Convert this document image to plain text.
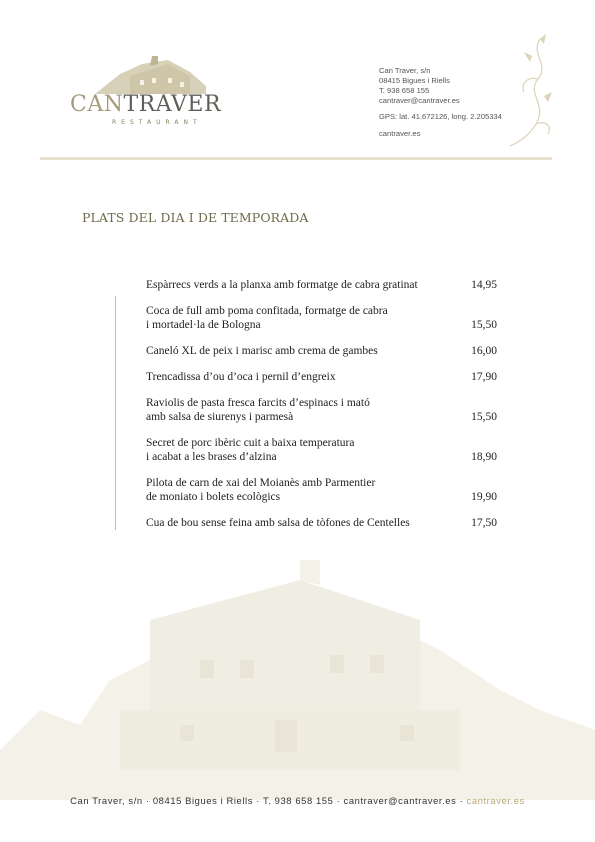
CANTRAVER
RESTAURANT
Can Traver, s/n
08415 Bigues i Riells
T. 938 658 155
cantraver@cantraver.es
GPS: lat. 41.672126, long. 2.205334
cantraver.es
PLATS DEL DIA I DE TEMPORADA
Espàrrecs verds a la planxa amb formatge de cabra gratinat	14,95
Coca de full amb poma confitada, formatge de cabra
i mortadel·la de Bologna	15,50
Caneló XL de peix i marisc amb crema de gambes	16,00
Trencadissa d’ou d’oca i pernil d’engreix	17,90
Raviolis de pasta fresca farcits d’espinacs i mató
amb salsa de siurenys i parmesà	15,50
Secret de porc ibèric cuit a baixa temperatura
i acabat a les brases d’alzina	18,90
Pilota de carn de xai del Moianès amb Parmentier
de moniato i bolets ecològics	19,90
Cua de bou sense feina amb salsa de tòfones de Centelles	17,50
Can Traver, s/n · 08415 Bigues i Riells · T. 938 658 155 · cantraver@cantraver.es · cantraver.es
